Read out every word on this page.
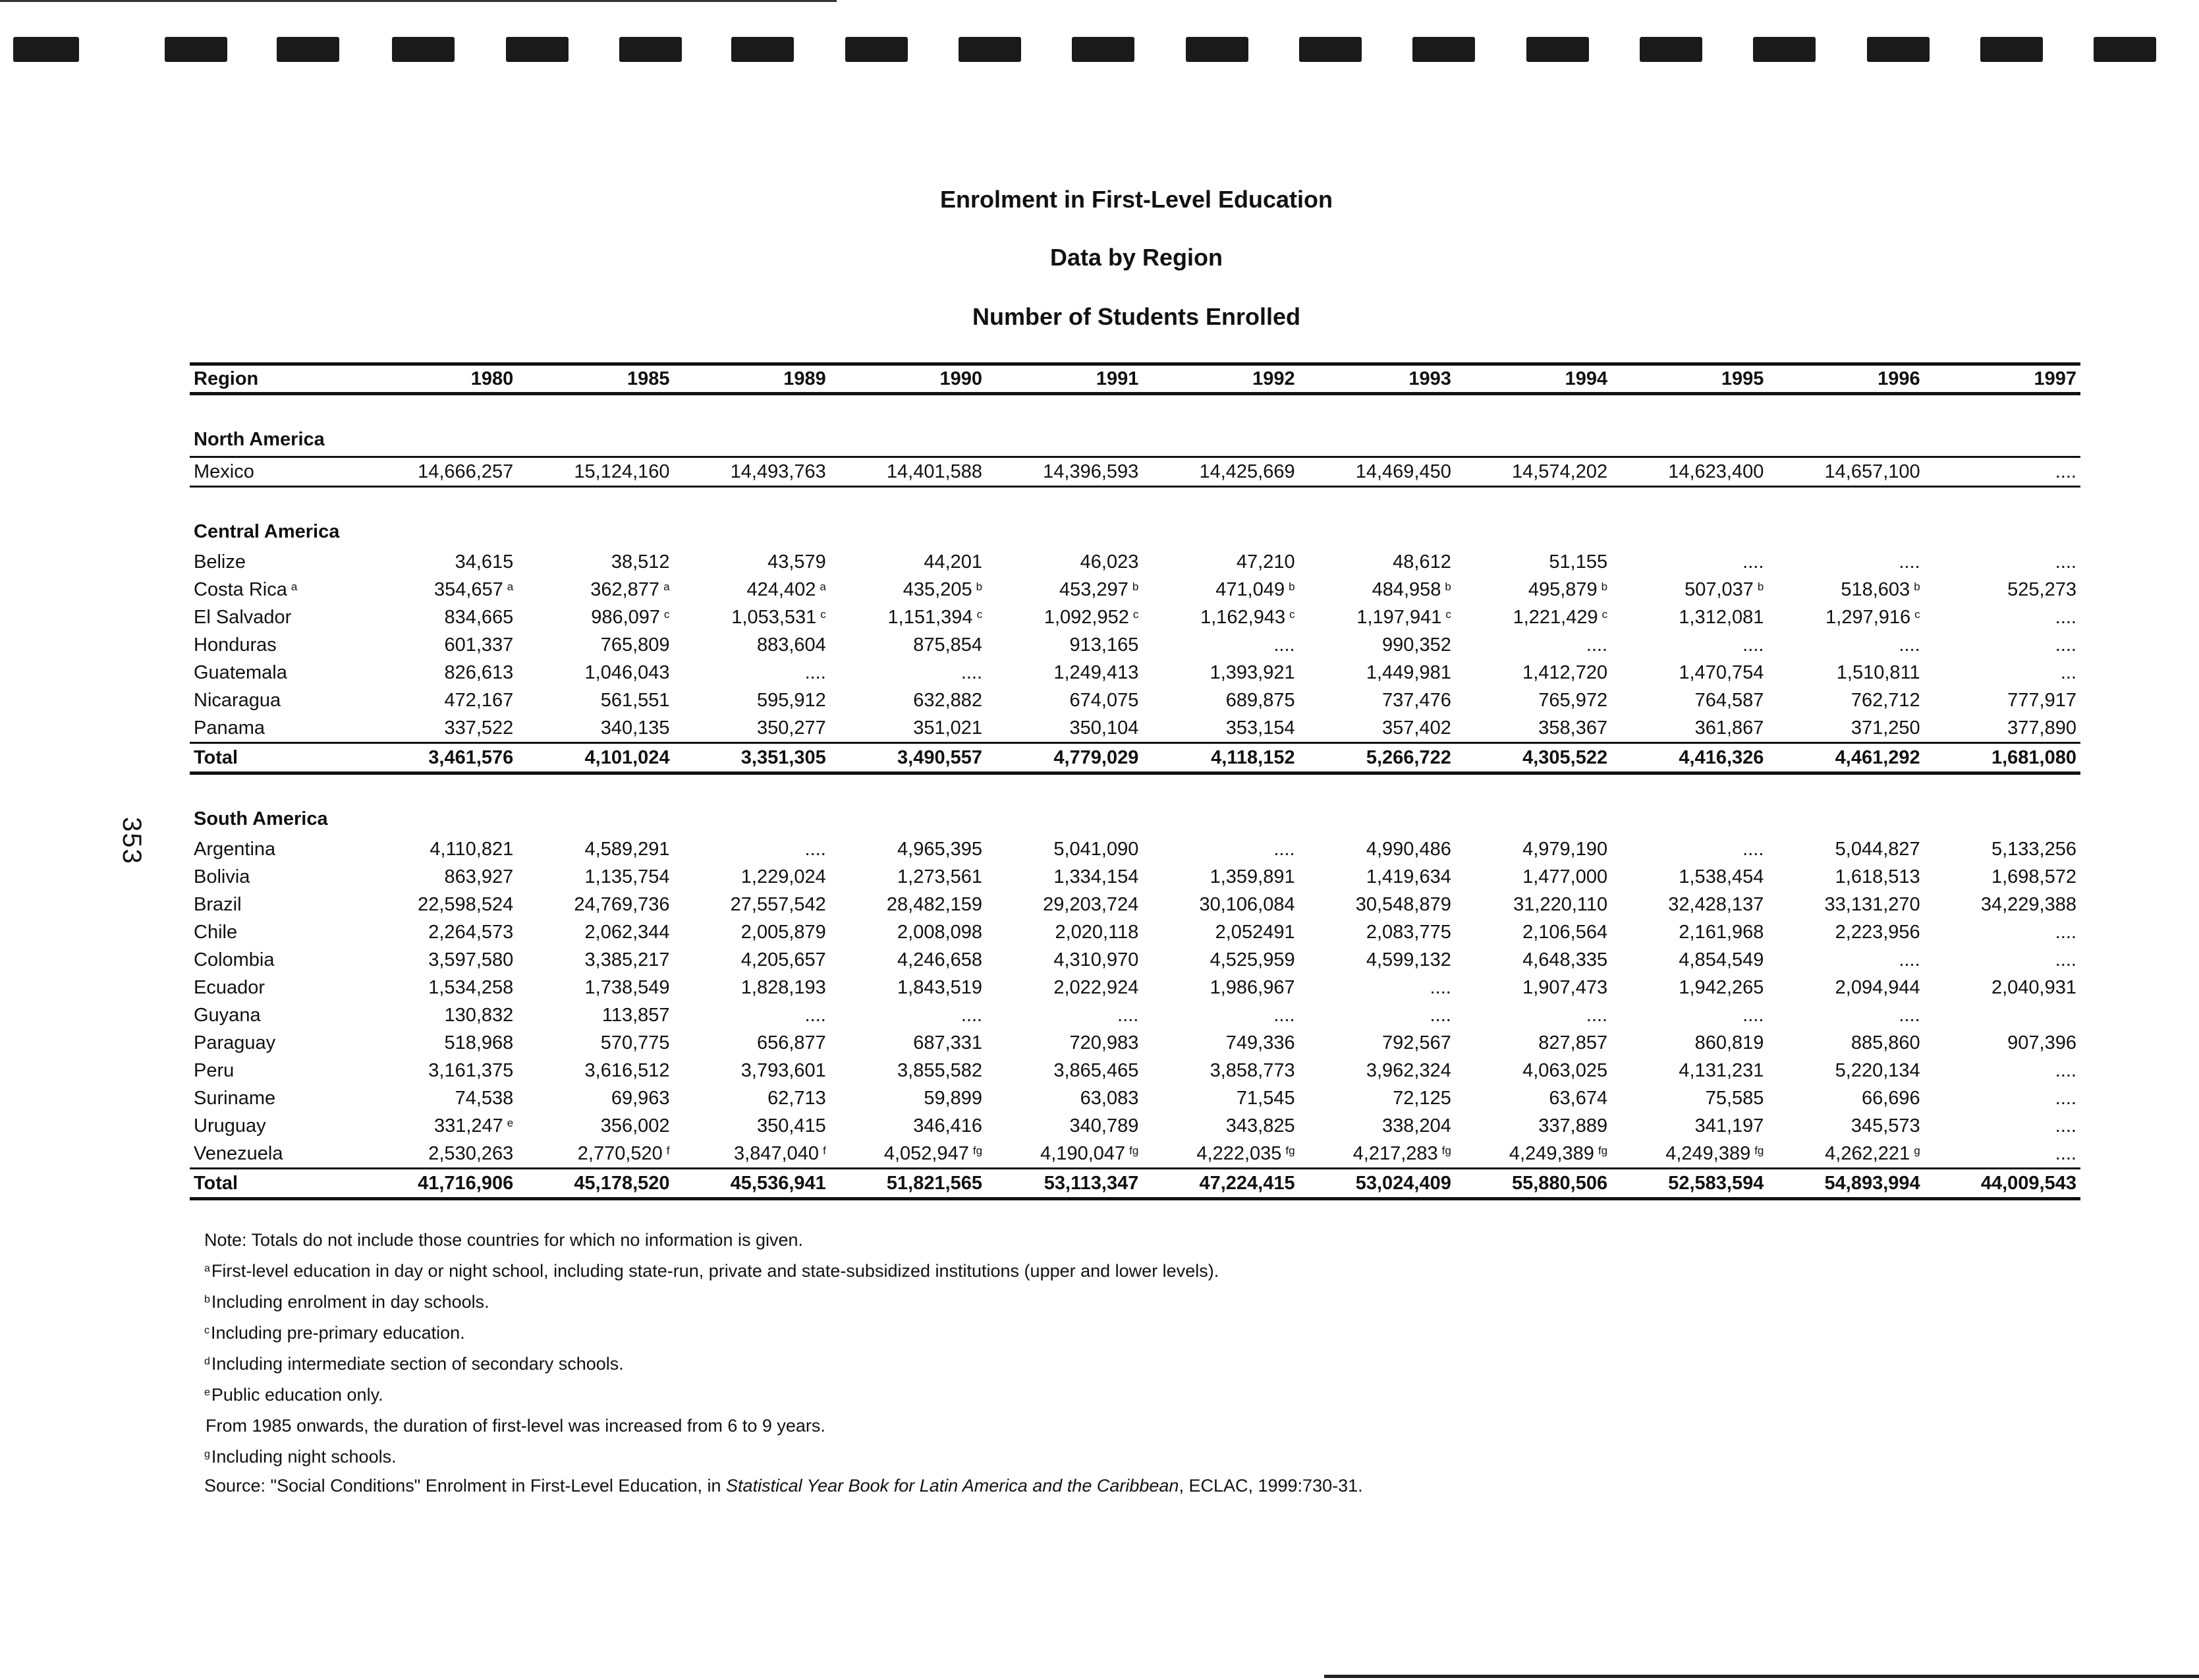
353
Enrolment in First-Level Education
Data by Region
Number of Students Enrolled
Region	1980	1985	1989	1990	1991	1992	1993	1994	1995	1996	1997

North America											
Mexico	14,666,257	15,124,160	14,493,763	14,401,588	14,396,593	14,425,669	14,469,450	14,574,202	14,623,400	14,657,100	....

Central America											
Belize	34,615	38,512	43,579	44,201	46,023	47,210	48,612	51,155	....	....	....
Costa Rica $^a$	354,657 $^a$	362,877 $^a$	424,402 $^a$	435,205 $^b$	453,297 $^b$	471,049 $^b$	484,958 $^b$	495,879 $^b$	507,037 $^b$	518,603 $^b$	525,273
El Salvador	834,665	986,097 $^c$	1,053,531 $^c$	1,151,394 $^c$	1,092,952 $^c$	1,162,943 $^c$	1,197,941 $^c$	1,221,429 $^c$	1,312,081	1,297,916 $^c$	....
Honduras	601,337	765,809	883,604	875,854	913,165	....	990,352	....	....	....	....
Guatemala	826,613	1,046,043	....	....	1,249,413	1,393,921	1,449,981	1,412,720	1,470,754	1,510,811	...
Nicaragua	472,167	561,551	595,912	632,882	674,075	689,875	737,476	765,972	764,587	762,712	777,917
Panama	337,522	340,135	350,277	351,021	350,104	353,154	357,402	358,367	361,867	371,250	377,890
Total	3,461,576	4,101,024	3,351,305	3,490,557	4,779,029	4,118,152	5,266,722	4,305,522	4,416,326	4,461,292	1,681,080

South America											
Argentina	4,110,821	4,589,291	....	4,965,395	5,041,090	....	4,990,486	4,979,190	....	5,044,827	5,133,256
Bolivia	863,927	1,135,754	1,229,024	1,273,561	1,334,154	1,359,891	1,419,634	1,477,000	1,538,454	1,618,513	1,698,572
Brazil	22,598,524	24,769,736	27,557,542	28,482,159	29,203,724	30,106,084	30,548,879	31,220,110	32,428,137	33,131,270	34,229,388
Chile	2,264,573	2,062,344	2,005,879	2,008,098	2,020,118	2,052491	2,083,775	2,106,564	2,161,968	2,223,956	....
Colombia	3,597,580	3,385,217	4,205,657	4,246,658	4,310,970	4,525,959	4,599,132	4,648,335	4,854,549	....	....
Ecuador	1,534,258	1,738,549	1,828,193	1,843,519	2,022,924	1,986,967	....	1,907,473	1,942,265	2,094,944	2,040,931
Guyana	130,832	113,857	....	....	....	....	....	....	....	....	
Paraguay	518,968	570,775	656,877	687,331	720,983	749,336	792,567	827,857	860,819	885,860	907,396
Peru	3,161,375	3,616,512	3,793,601	3,855,582	3,865,465	3,858,773	3,962,324	4,063,025	4,131,231	5,220,134	....
Suriname	74,538	69,963	62,713	59,899	63,083	71,545	72,125	63,674	75,585	66,696	....
Uruguay	331,247 $^e$	356,002	350,415	346,416	340,789	343,825	338,204	337,889	341,197	345,573	....
Venezuela	2,530,263	2,770,520 $^f$	3,847,040 $^f$	4,052,947 $^{fg}$	4,190,047 $^{fg}$	4,222,035 $^{fg}$	4,217,283 $^{fg}$	4,249,389 $^{fg}$	4,249,389 $^{fg}$	4,262,221 $^g$	....
Total	41,716,906	45,178,520	45,536,941	51,821,565	53,113,347	47,224,415	53,024,409	55,880,506	52,583,594	54,893,994	44,009,543
Note: Totals do not include those countries for which no information is given.
$^a$First-level education in day or night school, including state-run, private and state-subsidized institutions (upper and lower levels).
$^b$Including enrolment in day schools.
$^c$Including pre-primary education.
$^d$Including intermediate section of secondary schools.
$^e$Public education only.
From 1985 onwards, the duration of first-level was increased from 6 to 9 years.
$^g$Including night schools.
Source: "Social Conditions" Enrolment in First-Level Education, in Statistical Year Book for Latin America and the Caribbean, ECLAC, 1999:730-31.
